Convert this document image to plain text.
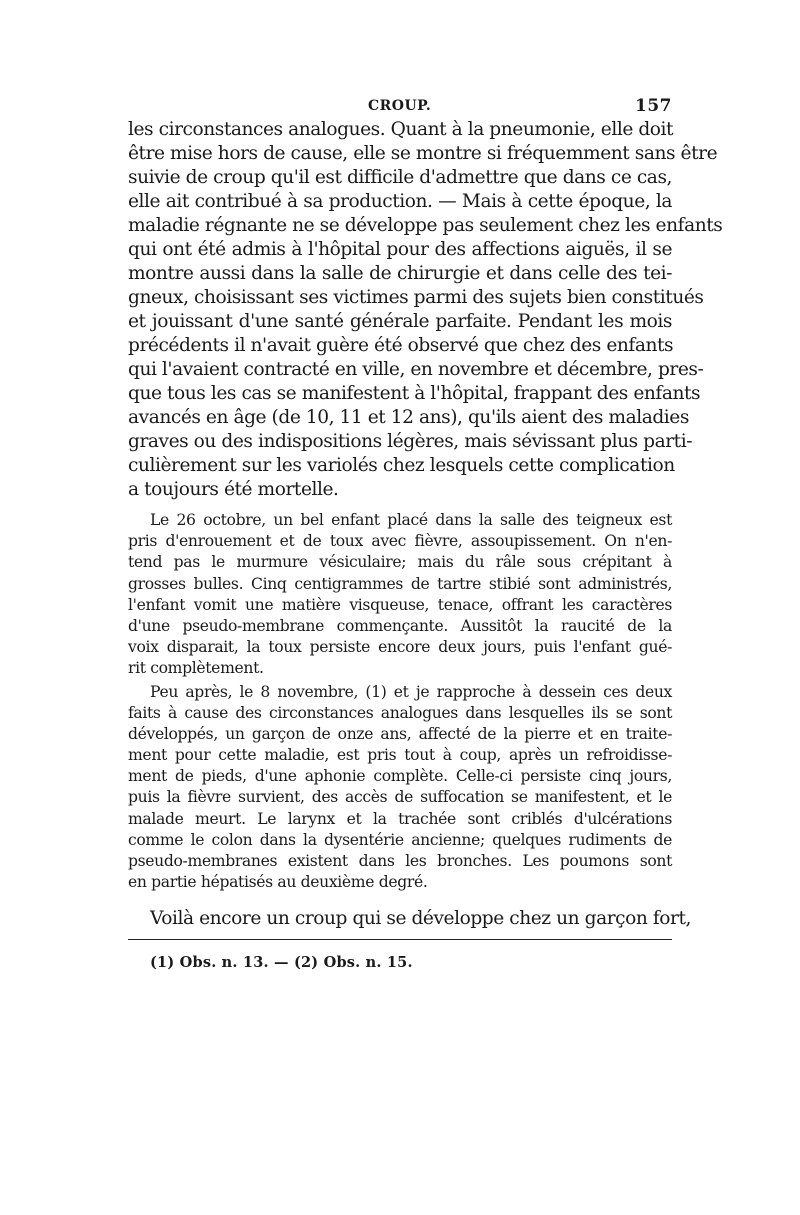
CROUP.	157
les circonstances analogues. Quant à la pneumonie, elle doit
être mise hors de cause, elle se montre si fréquemment sans être
suivie de croup qu'il est difficile d'admettre que dans ce cas,
elle ait contribué à sa production. — Mais à cette époque, la
maladie régnante ne se développe pas seulement chez les enfants
qui ont été admis à l'hôpital pour des affections aiguës, il se
montre aussi dans la salle de chirurgie et dans celle des tei-
gneux, choisissant ses victimes parmi des sujets bien constitués
et jouissant d'une santé générale parfaite. Pendant les mois
précédents il n'avait guère été observé que chez des enfants
qui l'avaient contracté en ville, en novembre et décembre, pres-
que tous les cas se manifestent à l'hôpital, frappant des enfants
avancés en âge (de 10, 11 et 12 ans), qu'ils aient des maladies
graves ou des indispositions légères, mais sévissant plus parti-
culièrement sur les variolés chez lesquels cette complication
a toujours été mortelle.
Le 26 octobre, un bel enfant placé dans la salle des teigneux est
pris d'enrouement et de toux avec fièvre, assoupissement. On n'en-
tend pas le murmure vésiculaire; mais du râle sous crépitant à
grosses bulles. Cinq centigrammes de tartre stibié sont administrés,
l'enfant vomit une matière visqueuse, tenace, offrant les caractères
d'une pseudo-membrane commençante. Aussitôt la raucité de la
voix disparait, la toux persiste encore deux jours, puis l'enfant gué-
rit complètement.
Peu après, le 8 novembre, (1) et je rapproche à dessein ces deux
faits à cause des circonstances analogues dans lesquelles ils se sont
développés, un garçon de onze ans, affecté de la pierre et en traite-
ment pour cette maladie, est pris tout à coup, après un refroidisse-
ment de pieds, d'une aphonie complète. Celle-ci persiste cinq jours,
puis la fièvre survient, des accès de suffocation se manifestent, et le
malade meurt. Le larynx et la trachée sont criblés d'ulcérations
comme le colon dans la dysentérie ancienne; quelques rudiments de
pseudo-membranes existent dans les bronches. Les poumons sont
en partie hépatisés au deuxième degré.
Voilà encore un croup qui se développe chez un garçon fort,
(1) Obs. n. 13. — (2) Obs. n. 15.
